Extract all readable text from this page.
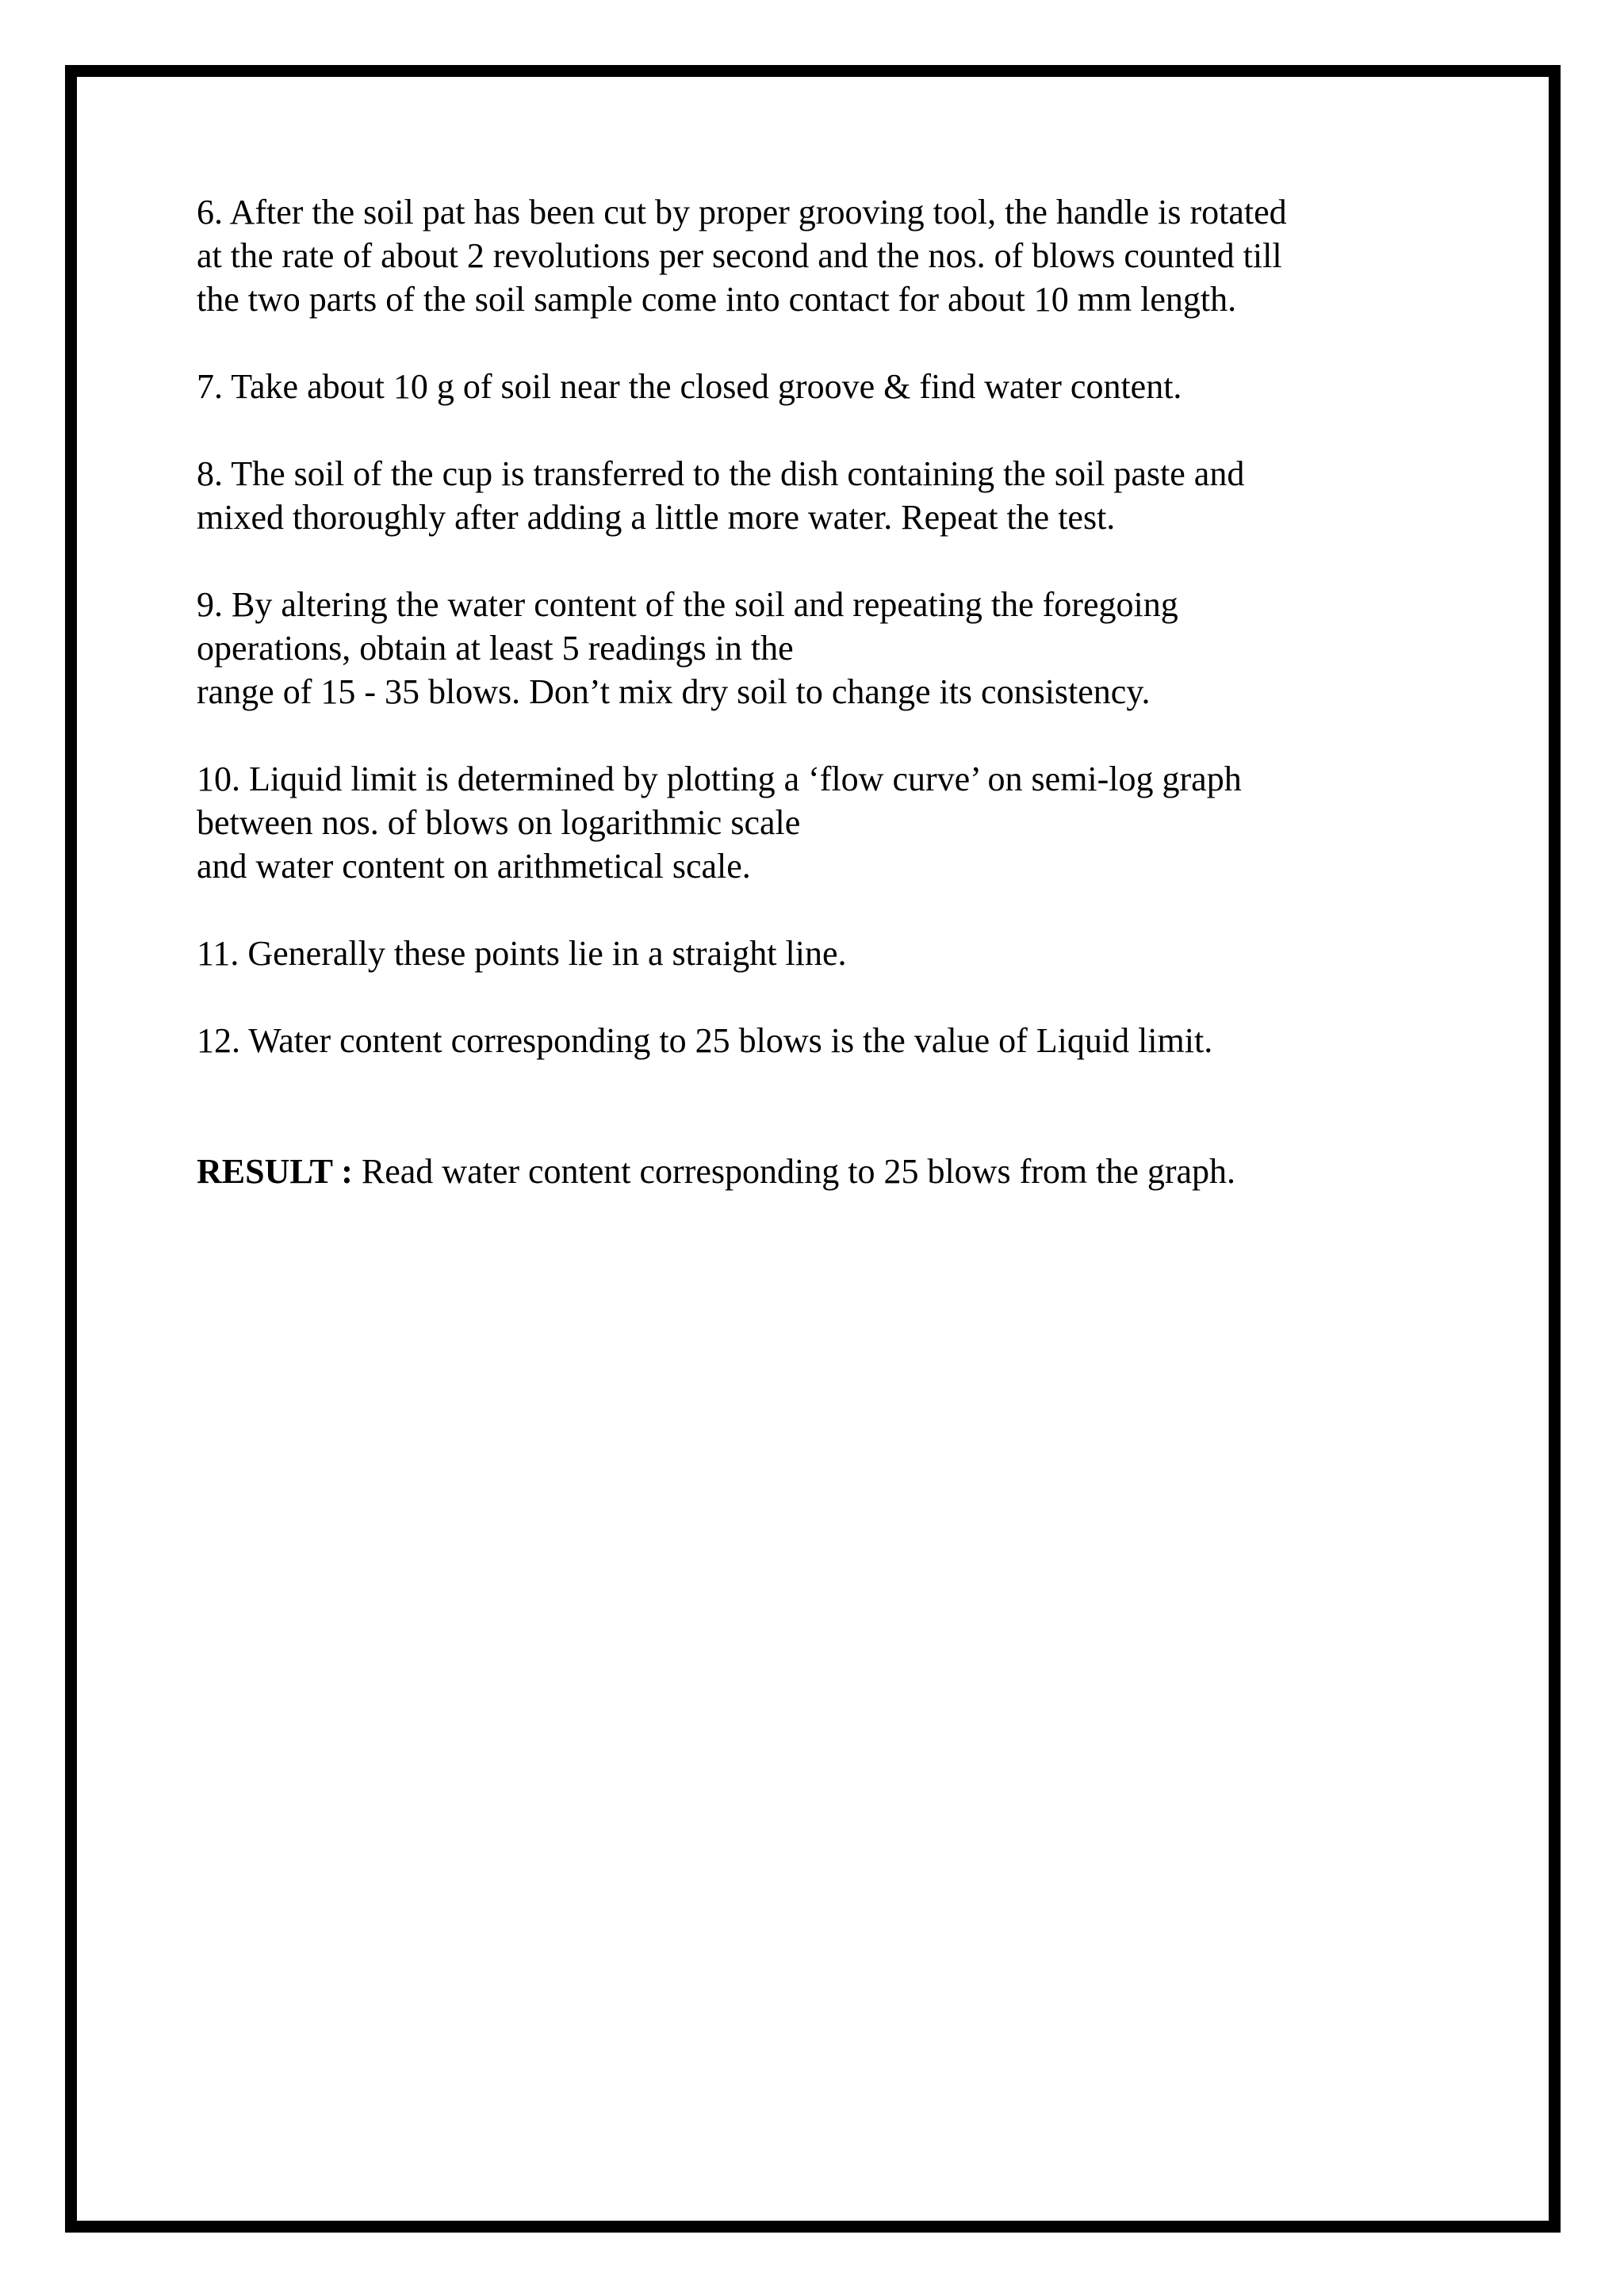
6. After the soil pat has been cut by proper grooving tool, the handle is rotated
at the rate of about 2 revolutions per second and the nos. of blows counted till
the two parts of the soil sample come into contact for about 10 mm length.

7. Take about 10 g of soil near the closed groove & find water content.

8. The soil of the cup is transferred to the dish containing the soil paste and
mixed thoroughly after adding a little more water. Repeat the test.

9. By altering the water content of the soil and repeating the foregoing
operations, obtain at least 5 readings in the
range of 15 - 35 blows. Don’t mix dry soil to change its consistency.

10. Liquid limit is determined by plotting a ‘flow curve’ on semi-log graph
between nos. of blows on logarithmic scale
and water content on arithmetical scale.

11. Generally these points lie in a straight line.

12. Water content corresponding to 25 blows is the value of Liquid limit.

RESULT : Read water content corresponding to 25 blows from the graph.
